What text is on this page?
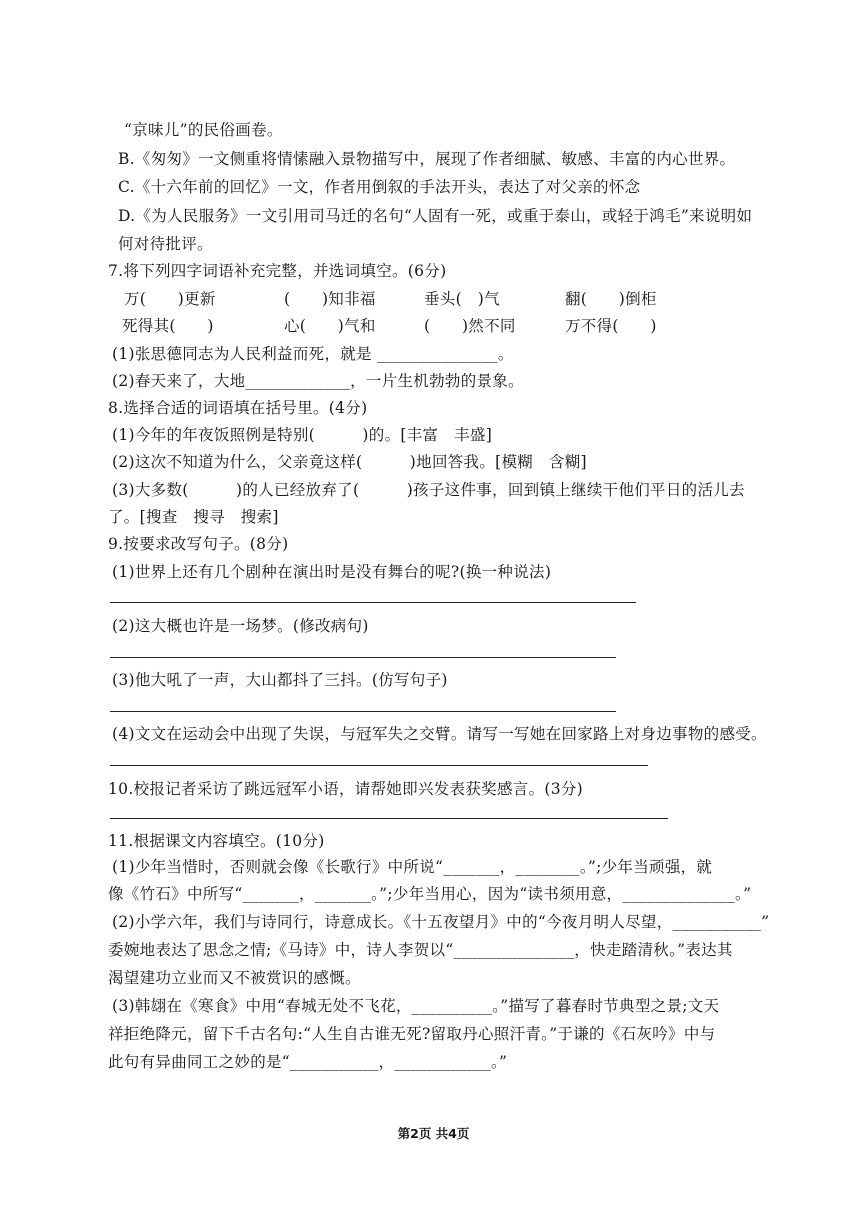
“京味儿”的民俗画卷。
B.《匆匆》一文侧重将情愫融入景物描写中，展现了作者细腻、敏感、丰富的内心世界。
C.《十六年前的回忆》一文，作者用倒叙的手法开头，表达了对父亲的怀念
D.《为人民服务》一文引用司马迁的名句“人固有一死，或重于泰山，或轻于鸿毛”来说明如
何对待批评。
7.将下列四字词语补充完整，并选词填空。(6分)
万(　　)更新	(　　)知非福	垂头(　)气	翻(　　)倒柜
死得其(　　)	心(　　)气和	(　　)然不同	万不得(　　)
(1)张思德同志为人民利益而死，就是 _______________。
(2)春天来了，大地_____________，一片生机勃勃的景象。
8.选择合适的词语填在括号里。(4分)
(1)今年的年夜饭照例是特别(　　　)的。[丰富　丰盛]
(2)这次不知道为什么，父亲竟这样(　　　)地回答我。[模糊　含糊]
(3)大多数(　　　)的人已经放弃了(　　　)孩子这件事，回到镇上继续干他们平日的活儿去
了。[搜查　搜寻　搜索]
9.按要求改写句子。(8分)
(1)世界上还有几个剧种在演出时是没有舞台的呢?(换一种说法)
(2)这大概也许是一场梦。(修改病句)
(3)他大吼了一声，大山都抖了三抖。(仿写句子)
(4)文文在运动会中出现了失误，与冠军失之交臂。请写一写她在回家路上对身边事物的感受。
10.校报记者采访了跳远冠军小语，请帮她即兴发表获奖感言。(3分)
11.根据课文内容填空。(10分)
(1)少年当惜时，否则就会像《长歌行》中所说“_______，________。”;少年当顽强，就
像《竹石》中所写“_______，_______。”;少年当用心，因为“读书须用意，______________。”
(2)小学六年，我们与诗同行，诗意成长。《十五夜望月》中的“今夜月明人尽望，___________”
委婉地表达了思念之情;《马诗》中，诗人李贺以“_______________，快走踏清秋。”表达其
渴望建功立业而又不被赏识的感慨。
(3)韩翃在《寒食》中用“春城无处不飞花，__________。”描写了暮春时节典型之景;文天
祥拒绝降元，留下千古名句:“人生自古谁无死?留取丹心照汗青。”于谦的《石灰吟》中与
此句有异曲同工之妙的是“___________，____________。”
第2页 共4页
